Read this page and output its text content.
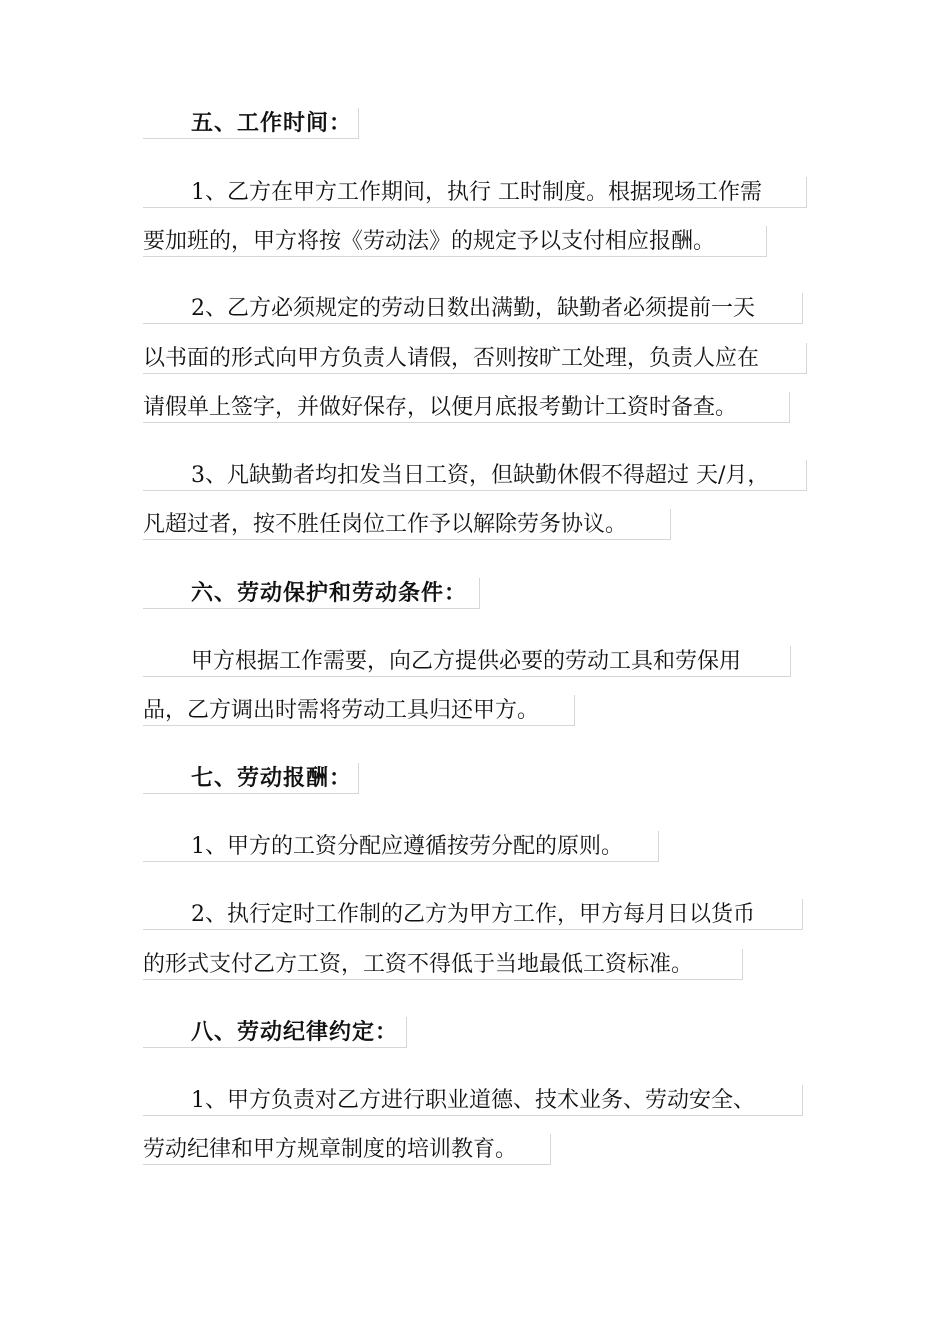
五、工作时间：
1、乙方在甲方工作期间，执行 工时制度。根据现场工作需
要加班的，甲方将按《劳动法》的规定予以支付相应报酬。
2、乙方必须规定的劳动日数出满勤，缺勤者必须提前一天
以书面的形式向甲方负责人请假，否则按旷工处理，负责人应在
请假单上签字，并做好保存，以便月底报考勤计工资时备查。
3、凡缺勤者均扣发当日工资，但缺勤休假不得超过 天/月，
凡超过者，按不胜任岗位工作予以解除劳务协议。
六、劳动保护和劳动条件：
甲方根据工作需要，向乙方提供必要的劳动工具和劳保用
品，乙方调出时需将劳动工具归还甲方。
七、劳动报酬：
1、甲方的工资分配应遵循按劳分配的原则。
2、执行定时工作制的乙方为甲方工作，甲方每月日以货币
的形式支付乙方工资，工资不得低于当地最低工资标准。
八、劳动纪律约定：
1、甲方负责对乙方进行职业道德、技术业务、劳动安全、
劳动纪律和甲方规章制度的培训教育。
